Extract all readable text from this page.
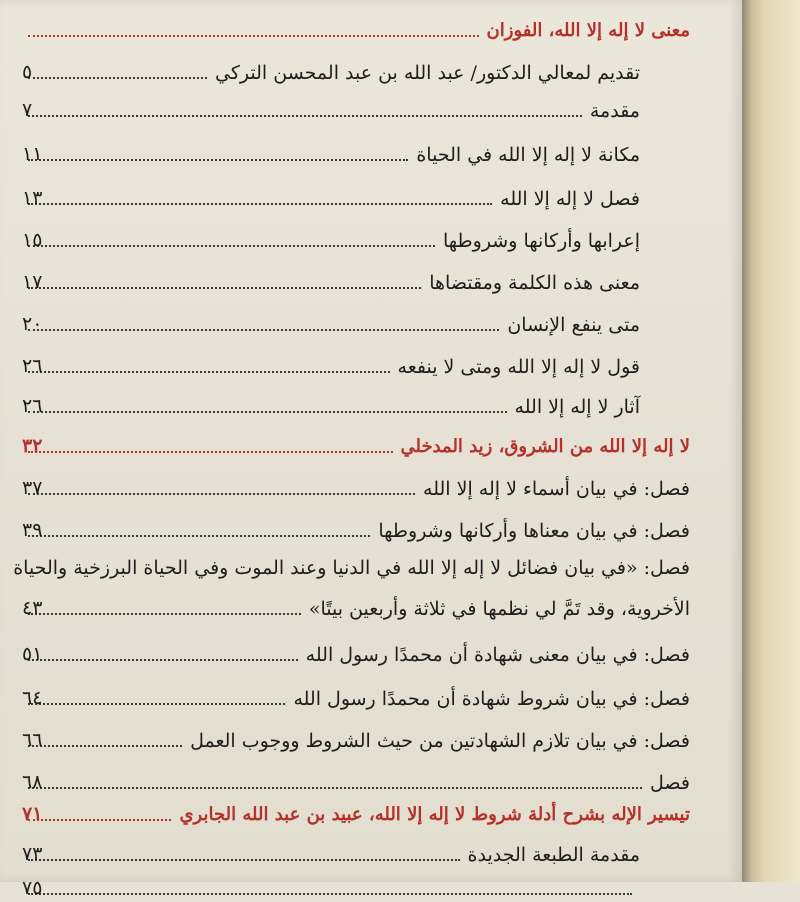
معنى لا إله إلا الله، الفوزان
تقديم لمعالي الدكتور/ عبد الله بن عبد المحسن التركي
٥
مقدمة
٧
مكانة لا إله إلا الله في الحياة
١١
فصل لا إله إلا الله
١٣
إعرابها وأركانها وشروطها
١٥
معنى هذه الكلمة ومقتضاها
١٧
متى ينفع الإنسان
٢٠
قول لا إله إلا الله ومتى لا ينفعه
٢٦
آثار لا إله إلا الله
٢٦
لا إله إلا الله من الشروق، زيد المدخلي
٣٢
فصل: في بيان أسماء لا إله إلا الله
٣٧
فصل: في بيان معناها وأركانها وشروطها
٣٩
فصل: «في بيان فضائل لا إله إلا الله في الدنيا وعند الموت وفي الحياة البرزخية والحياة
الأخروية، وقد تَمَّ لي نظمها في ثلاثة وأربعين بيتًا»
٤٣
فصل: في بيان معنى شهادة أن محمدًا رسول الله
٥١
فصل: في بيان شروط شهادة أن محمدًا رسول الله
٦٤
فصل: في بيان تلازم الشهادتين من حيث الشروط ووجوب العمل
٦٦
فصل
٦٨
تيسير الإله بشرح أدلة شروط لا إله إلا الله، عبيد بن عبد الله الجابري
٧١
مقدمة الطبعة الجديدة
٧٣
٧٥
